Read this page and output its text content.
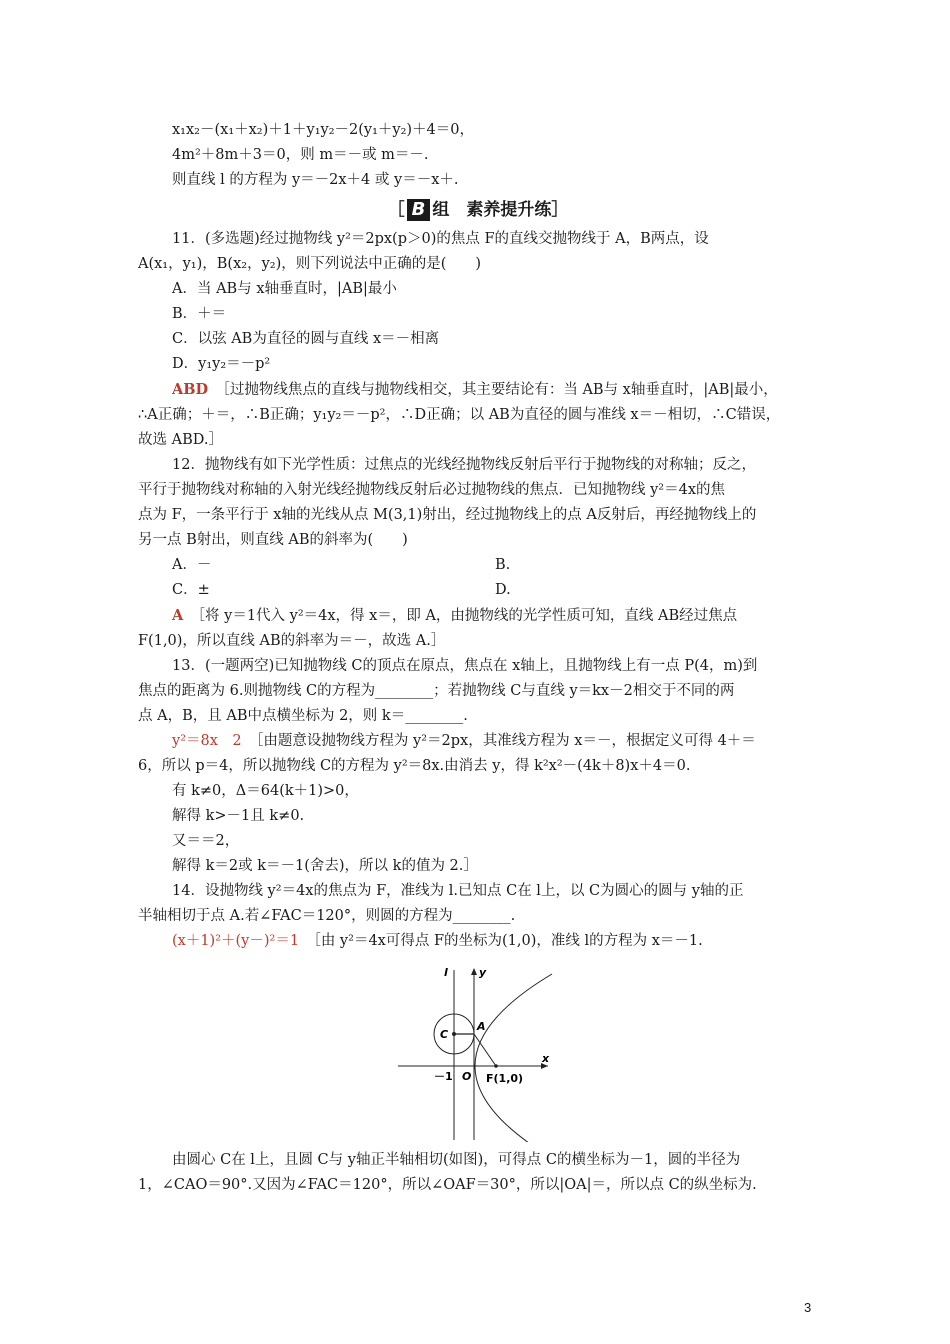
x₁x₂－(x₁＋x₂)＋1＋y₁y₂－2(y₁＋y₂)＋4＝0，
4m²＋8m＋3＝0，则 m＝－或 m＝－.
则直线 l 的方程为 y＝－2x＋4 或 y＝－x＋.
［ B 组　素养提升练］
11．(多选题)经过抛物线 y²＝2px(p＞0)的焦点 F的直线交抛物线于 A，B两点，设
A(x₁，y₁)，B(x₂，y₂)，则下列说法中正确的是(　　)
A．当 AB与 x轴垂直时，|AB|最小
B．＋＝
C．以弦 AB为直径的圆与直线 x＝－相离
D．y₁y₂＝－p²
ABD　 ［过抛物线焦点的直线与抛物线相交，其主要结论有：当 AB与 x轴垂直时，|AB|最小，
∴A正确；＋＝，∴B正确；y₁y₂＝－p²，∴D正确；以 AB为直径的圆与准线 x＝－相切，∴C错误，
故选 ABD.］
12．抛物线有如下光学性质：过焦点的光线经抛物线反射后平行于抛物线的对称轴；反之，
平行于抛物线对称轴的入射光线经抛物线反射后必过抛物线的焦点．已知抛物线 y²＝4x的焦
点为 F，一条平行于 x轴的光线从点 M(3,1)射出，经过抛物线上的点 A反射后，再经抛物线上的
另一点 B射出，则直线 AB的斜率为(　　)
A．－	B.
C．±	D.
A　 ［将 y＝1代入 y²＝4x，得 x＝，即 A，由抛物线的光学性质可知，直线 AB经过焦点
F(1,0)，所以直线 AB的斜率为＝－，故选 A.］
13．(一题两空)已知抛物线 C的顶点在原点，焦点在 x轴上，且抛物线上有一点 P(4，m)到
焦点的距离为 6.则抛物线 C的方程为________；若抛物线 C与直线 y＝kx－2相交于不同的两
点 A，B，且 AB中点横坐标为 2，则 k＝________.
y²＝8x　2　 ［由题意设抛物线方程为 y²＝2px，其准线方程为 x＝－，根据定义可得 4＋＝
6，所以 p＝4，所以抛物线 C的方程为 y²＝8x.由消去 y，得 k²x²－(4k＋8)x＋4＝0.
有 k≠0，Δ＝64(k＋1)>0，
解得 k>－1且 k≠0.
又＝＝2，
解得 k＝2或 k＝－1(舍去)，所以 k的值为 2.］
14．设抛物线 y²＝4x的焦点为 F，准线为 l.已知点 C在 l上，以 C为圆心的圆与 y轴的正
半轴相切于点 A.若∠FAC＝120°，则圆的方程为________.
(x＋1)²＋(y－)²＝1　 ［由 y²＝4x可得点 F的坐标为(1,0)，准线 l的方程为 x＝－1.
l	y
x
C
A
O
－1	F(1,0)
由圆心 C在 l上，且圆 C与 y轴正半轴相切(如图)，可得点 C的横坐标为－1，圆的半径为
1，∠CAO＝90°.又因为∠FAC＝120°，所以∠OAF＝30°，所以|OA|＝，所以点 C的纵坐标为.
3
